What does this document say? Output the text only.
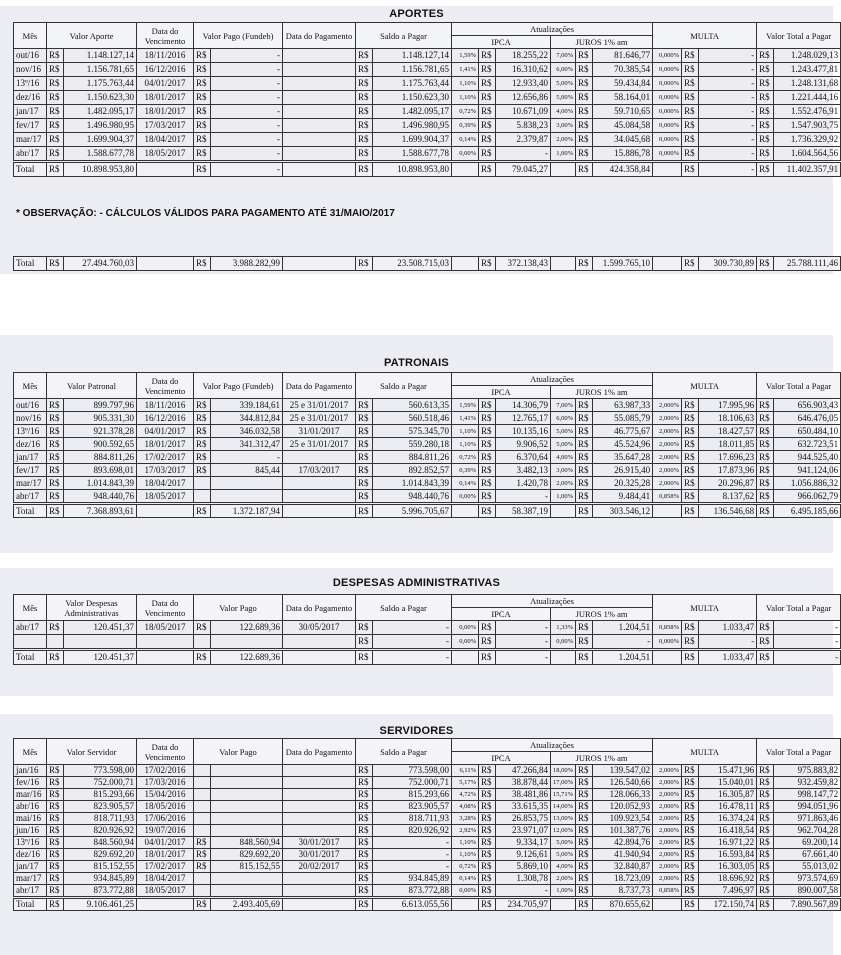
APORTES
Mês	Valor Aporte		Data do Vencimento	Valor Pago (Fundeb)		Data do Pagamento	Saldo a Pagar		Atualizações						MULTA			Valor Total a Pagar	
									IPCA			JUROS 1% am							
out/16	R$	1.148.127,14	18/11/2016	R$	-		R$	1.148.127,14	1,59%	R$	18.255,22	7,00%	R$	81.646,77	0,000%	R$	-	R$	1.248.029,13
nov/16	R$	1.156.781,65	16/12/2016	R$	-		R$	1.156.781,65	1,41%	R$	16.310,62	6,00%	R$	70.385,54	0,000%	R$	-	R$	1.243.477,81
13º/16	R$	1.175.763,44	04/01/2017	R$	-		R$	1.175.763,44	1,10%	R$	12.933,40	5,00%	R$	59.434,84	0,000%	R$	-	R$	1.248.131,68
dez/16	R$	1.150.623,30	18/01/2017	R$	-		R$	1.150.623,30	1,10%	R$	12.656,86	5,00%	R$	58.164,01	0,000%	R$	-	R$	1.221.444,16
jan/17	R$	1.482.095,17	18/01/2017	R$	-		R$	1.482.095,17	0,72%	R$	10.671,09	4,00%	R$	59.710,65	0,000%	R$	-	R$	1.552.476,91
fev/17	R$	1.496.980,95	17/03/2017	R$	-		R$	1.496.980,95	0,39%	R$	5.838,23	3,00%	R$	45.084,58	0,000%	R$	-	R$	1.547.903,75
mar/17	R$	1.699.904,37	18/04/2017	R$	-		R$	1.699.904,37	0,14%	R$	2.379,87	2,00%	R$	34.045,68	0,000%	R$	-	R$	1.736.329,92
abr/17	R$	1.588.677,78	18/05/2017	R$	-		R$	1.588.677,78	0,00%	R$	-	1,00%	R$	15.886,78	0,000%	R$	-	R$	1.604.564,56

Total	R$	10.898.953,80		R$	-		R$	10.898.953,80		R$	79.045,27		R$	424.358,84		R$	-	R$	11.402.357,91
* OBSERVAÇÃO: - CÁLCULOS VÁLIDOS PARA PAGAMENTO ATÉ 31/MAIO/2017
Total	R$	27.494.760,03		R$	3.988.282,99		R$	23.508.715,03		R$	372.138,43		R$	1.599.765,10		R$	309.730,89	R$	25.788.111,46
PATRONAIS
Mês	Valor Patronal		Data do Vencimento	Valor Pago (Fundeb)		Data do Pagamento	Saldo a Pagar		Atualizações						MULTA			Valor Total a Pagar	
									IPCA			JUROS 1% am							
out/16	R$	899.797,96	18/11/2016	R$	339.184,61	25 e 31/01/2017	R$	560.613,35	1,59%	R$	14.306,79	7,00%	R$	63.987,33	2,000%	R$	17.995,96	R$	656.903,43
nov/16	R$	905.331,30	16/12/2016	R$	344.812,84	25 e 31/01/2017	R$	560.518,46	1,41%	R$	12.765,17	6,00%	R$	55.085,79	2,000%	R$	18.106,63	R$	646.476,05
13º/16	R$	921.378,28	04/01/2017	R$	346.032,58	31/01/2017	R$	575.345,70	1,10%	R$	10.135,16	5,00%	R$	46.775,67	2,000%	R$	18.427,57	R$	650.484,10
dez/16	R$	900.592,65	18/01/2017	R$	341.312,47	25 e 31/01/2017	R$	559.280,18	1,10%	R$	9.906,52	5,00%	R$	45.524,96	2,000%	R$	18.011,85	R$	632.723,51
jan/17	R$	884.811,26	17/02/2017	R$	-		R$	884.811,26	0,72%	R$	6.370,64	4,00%	R$	35.647,28	2,000%	R$	17.696,23	R$	944.525,40
fev/17	R$	893.698,01	17/03/2017	R$	845,44	17/03/2017	R$	892.852,57	0,39%	R$	3.482,13	3,00%	R$	26.915,40	2,000%	R$	17.873,96	R$	941.124,06
mar/17	R$	1.014.843,39	18/04/2017				R$	1.014.843,39	0,14%	R$	1.420,78	2,00%	R$	20.325,28	2,000%	R$	20.296,87	R$	1.056.886,32
abr/17	R$	948.440,76	18/05/2017				R$	948.440,76	0,00%	R$	-	1,00%	R$	9.484,41	0,858%	R$	8.137,62	R$	966.062,79

Total	R$	7.368.893,61		R$	1.372.187,94		R$	5.996.705,67		R$	58.387,19		R$	303.546,12		R$	136.546,68	R$	6.495.185,66
DESPESAS ADMINISTRATIVAS
Mês	Valor Despesas Administrativas		Data do Vencimento	Valor Pago		Data do Pagamento	Saldo a Pagar		Atualizações						MULTA			Valor Total a Pagar	
									IPCA			JUROS 1% am							
abr/17	R$	120.451,37	18/05/2017	R$	122.689,36	30/05/2017	R$	-	0,00%	R$	-	1,33%	R$	1.204,51	0,858%	R$	1.033,47	R$	-
							R$	-	0,00%	R$	-	0,00%	R$	-	0,000%	R$	-	R$	-

Total	R$	120.451,37		R$	122.689,36		R$	-		R$	-		R$	1.204,51		R$	1.033,47	R$	-
SERVIDORES
Mês	Valor Servidor		Data do Vencimento	Valor Pago		Data do Pagamento	Saldo a Pagar		Atualizações						MULTA			Valor Total a Pagar	
									IPCA			JUROS 1% am							
jan/16	R$	773.598,00	17/02/2016				R$	773.598,00	6,11%	R$	47.266,84	18,00%	R$	139.547,02	2,000%	R$	15.471,96	R$	975.883,82
fev/16	R$	752.000,71	17/03/2016				R$	752.000,71	5,17%	R$	38.878,44	17,00%	R$	126.540,66	2,000%	R$	15.040,01	R$	932.459,82
mar/16	R$	815.293,66	15/04/2016				R$	815.293,66	4,72%	R$	38.481,86	15,71%	R$	128.066,33	2,000%	R$	16.305,87	R$	998.147,72
abr/16	R$	823.905,57	18/05/2016				R$	823.905,57	4,08%	R$	33.615,35	14,00%	R$	120.052,93	2,000%	R$	16.478,11	R$	994.051,96
mai/16	R$	818.711,93	17/06/2016				R$	818.711,93	3,28%	R$	26.853,75	13,00%	R$	109.923,54	2,000%	R$	16.374,24	R$	971.863,46
jun/16	R$	820.926,92	19/07/2016				R$	820.926,92	2,92%	R$	23.971,07	12,00%	R$	101.387,76	2,000%	R$	16.418,54	R$	962.704,28
13º/16	R$	848.560,94	04/01/2017	R$	848.560,94	30/01/2017	R$	-	1,10%	R$	9.334,17	5,00%	R$	42.894,76	2,000%	R$	16.971,22	R$	69.200,14
dez/16	R$	829.692,20	18/01/2017	R$	829.692,20	30/01/2017	R$	-	1,10%	R$	9.126,61	5,00%	R$	41.940,94	2,000%	R$	16.593,84	R$	67.661,40
jan/17	R$	815.152,55	17/02/2017	R$	815.152,55	20/02/2017	R$	-	0,72%	R$	5.869,10	4,00%	R$	32.840,87	2,000%	R$	16.303,05	R$	55.013,02
mar/17	R$	934.845,89	18/04/2017				R$	934.845,89	0,14%	R$	1.308,78	2,00%	R$	18.723,09	2,000%	R$	18.696,92	R$	973.574,69
abr/17	R$	873.772,88	18/05/2017				R$	873.772,88	0,00%	R$	-	1,00%	R$	8.737,73	0,858%	R$	7.496,97	R$	890.007,58

Total	R$	9.106.461,25		R$	2.493.405,69		R$	6.613.055,56		R$	234.705,97		R$	870.655,62		R$	172.150,74	R$	7.890.567,89
